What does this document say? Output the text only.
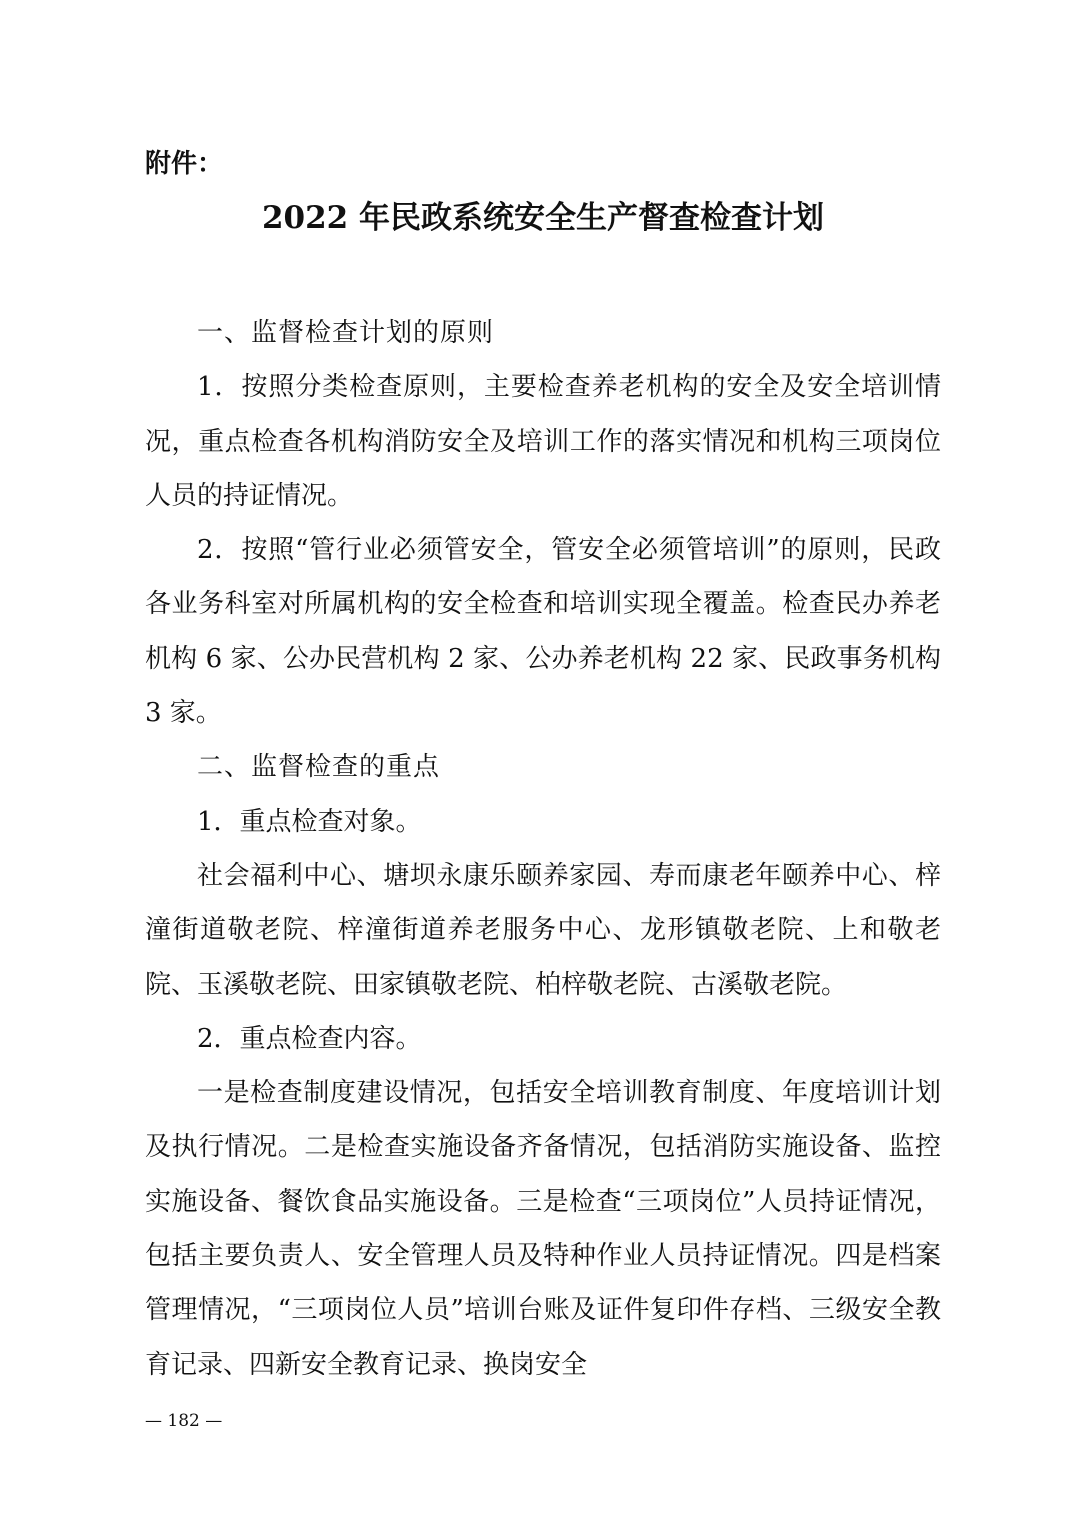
附件：
2022 年民政系统安全生产督查检查计划

一、监督检查计划的原则

1．按照分类检查原则，主要检查养老机构的安全及安全培训情况，重点检查各机构消防安全及培训工作的落实情况和机构三项岗位人员的持证情况。

2．按照“管行业必须管安全，管安全必须管培训”的原则，民政各业务科室对所属机构的安全检查和培训实现全覆盖。检查民办养老机构 6 家、公办民营机构 2 家、公办养老机构 22 家、民政事务机构 3 家。

二、监督检查的重点

1．重点检查对象。

社会福利中心、塘坝永康乐颐养家园、寿而康老年颐养中心、梓潼街道敬老院、梓潼街道养老服务中心、龙形镇敬老院、上和敬老院、玉溪敬老院、田家镇敬老院、柏梓敬老院、古溪敬老院。

2．重点检查内容。

一是检查制度建设情况，包括安全培训教育制度、年度培训计划及执行情况。二是检查实施设备齐备情况，包括消防实施设备、监控实施设备、餐饮食品实施设备。三是检查“三项岗位”人员持证情况，包括主要负责人、安全管理人员及特种作业人员持证情况。四是档案管理情况，“三项岗位人员”培训台账及证件复印件存档、三级安全教育记录、四新安全教育记录、换岗安全

— 182 —
